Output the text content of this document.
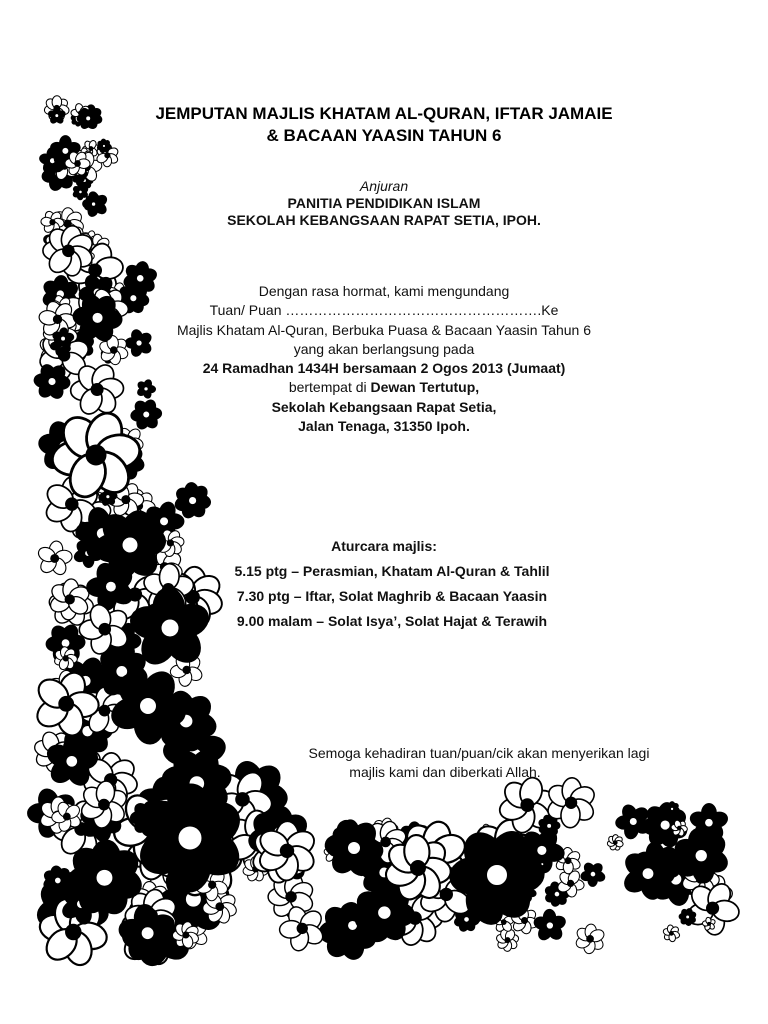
JEMPUTAN MAJLIS KHATAM AL-QURAN, IFTAR JAMAIE
& BACAAN YAASIN TAHUN 6
Anjuran
PANITIA PENDIDIKAN ISLAM
SEKOLAH KEBANGSAAN RAPAT SETIA, IPOH.
Dengan rasa hormat, kami mengundang
Tuan/ Puan ……………………………………………….Ke
Majlis Khatam Al-Quran, Berbuka Puasa & Bacaan Yaasin Tahun 6
yang akan berlangsung pada
24 Ramadhan 1434H bersamaan 2 Ogos 2013 (Jumaat)
bertempat di Dewan Tertutup,
Sekolah Kebangsaan Rapat Setia,
Jalan Tenaga, 31350 Ipoh.
Aturcara majlis:
5.15 ptg – Perasmian, Khatam Al-Quran & Tahlil
7.30 ptg – Iftar, Solat Maghrib & Bacaan Yaasin
9.00 malam – Solat Isya’, Solat Hajat & Terawih
Semoga kehadiran tuan/puan/cik akan menyerikan lagi
majlis kami dan diberkati Allah.
